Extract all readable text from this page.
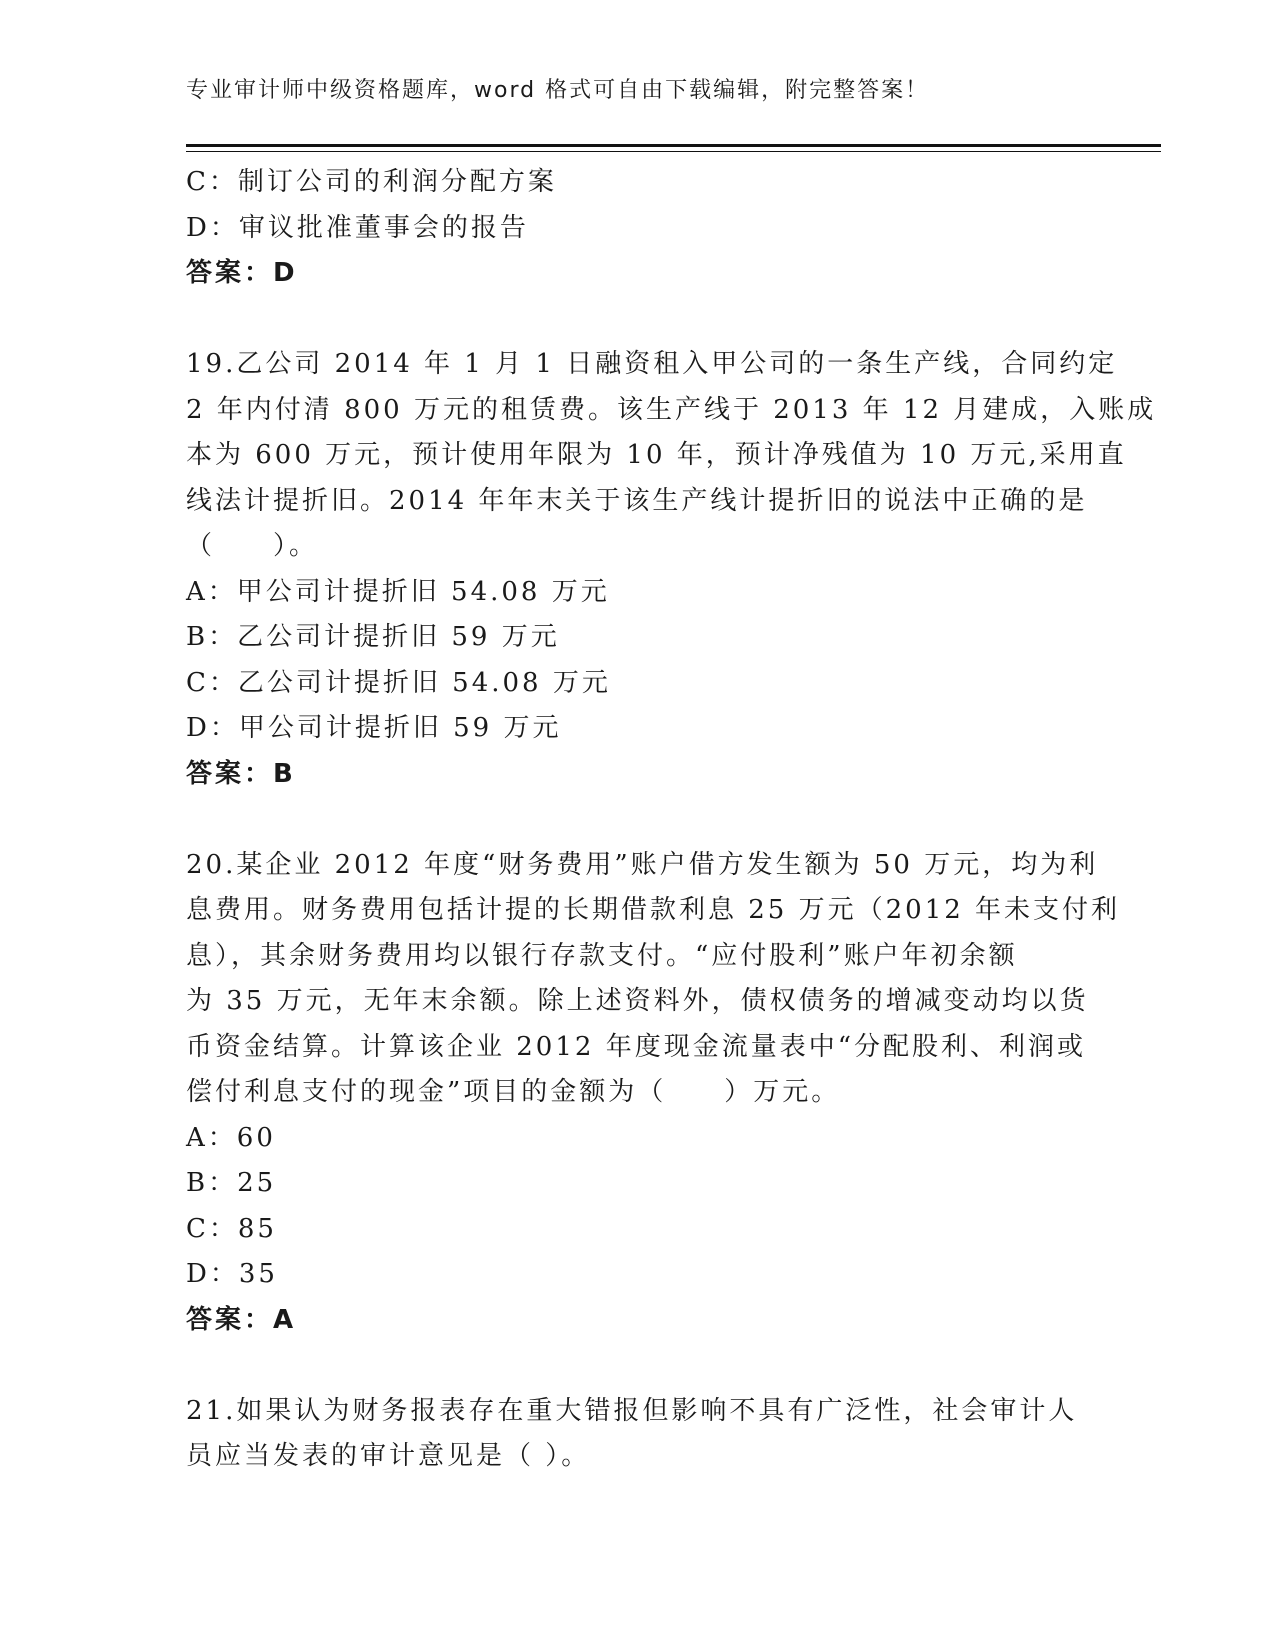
专业审计师中级资格题库，word 格式可自由下载编辑，附完整答案！
C：制订公司的利润分配方案
D：审议批准董事会的报告
答案：D
19.乙公司 2014 年 1 月 1 日融资租入甲公司的一条生产线，合同约定
2 年内付清 800 万元的租赁费。该生产线于 2013 年 12 月建成，入账成
本为 600 万元，预计使用年限为 10 年，预计净残值为 10 万元,采用直
线法计提折旧。2014 年年末关于该生产线计提折旧的说法中正确的是
（　　）。
A：甲公司计提折旧 54.08 万元
B：乙公司计提折旧 59 万元
C：乙公司计提折旧 54.08 万元
D：甲公司计提折旧 59 万元
答案：B
20.某企业 2012 年度“财务费用”账户借方发生额为 50 万元，均为利
息费用。财务费用包括计提的长期借款利息 25 万元（2012 年未支付利
息），其余财务费用均以银行存款支付。“应付股利”账户年初余额
为 35 万元，无年末余额。除上述资料外，债权债务的增减变动均以货
币资金结算。计算该企业 2012 年度现金流量表中“分配股利、利润或
偿付利息支付的现金”项目的金额为（　　）万元。
A：60
B：25
C：85
D：35
答案：A
21.如果认为财务报表存在重大错报但影响不具有广泛性，社会审计人
员应当发表的审计意见是（ ）。
